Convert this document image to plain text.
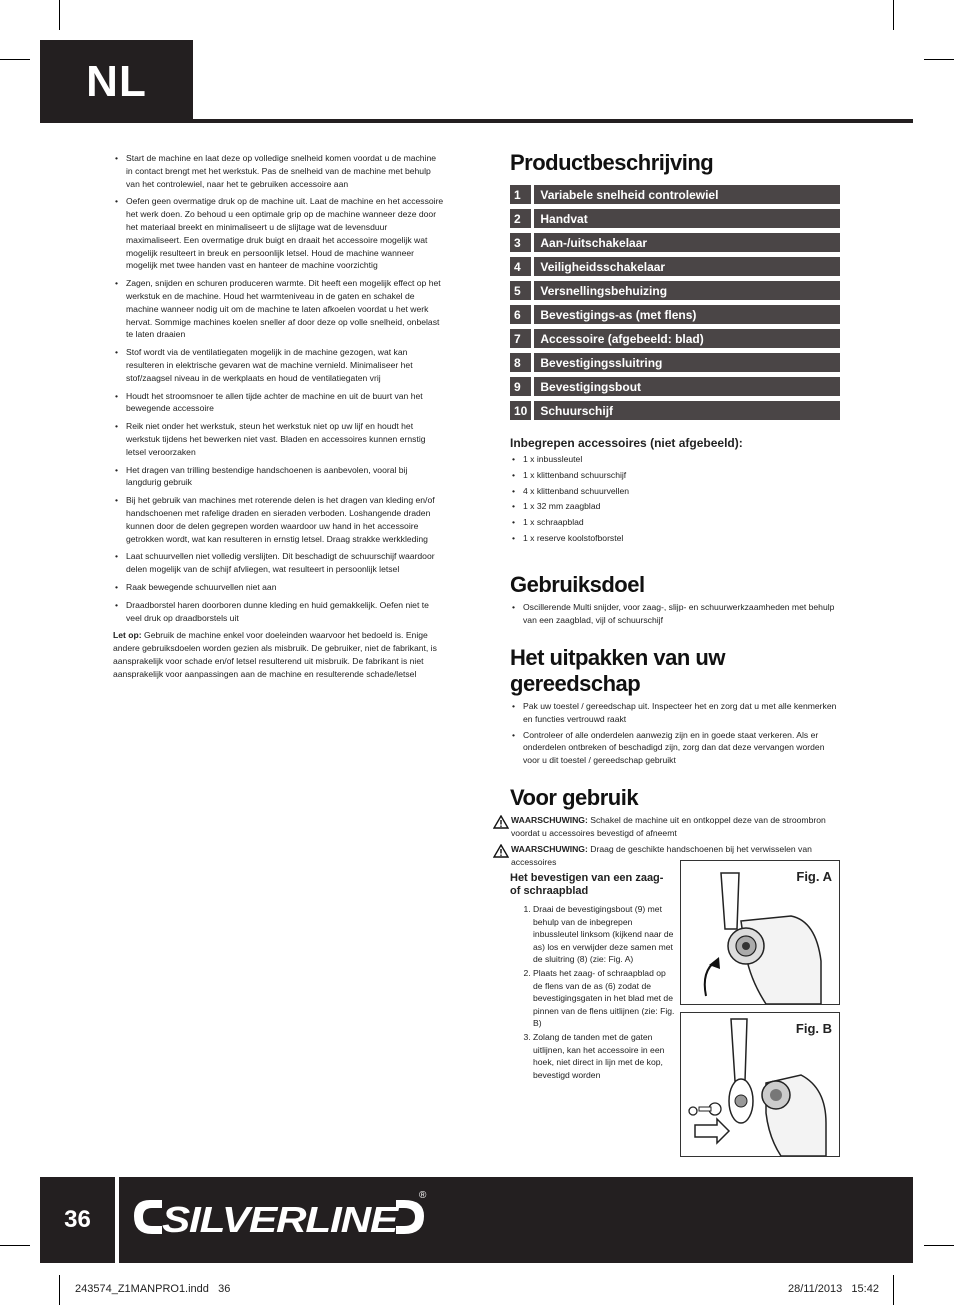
NL
• Start de machine en laat deze op volledige snelheid komen voordat u de machine in contact brengt met het werkstuk. Pas de snelheid van de machine met behulp van het controlewiel, naar het te gebruiken accessoire aan
• Oefen geen overmatige druk op de machine uit. Laat de machine en het accessoire het werk doen. Zo behoud u een optimale grip op de machine wanneer deze door het materiaal breekt en minimaliseert u de slijtage wat de levensduur maximaliseert. Een overmatige druk buigt en draait het accessoire mogelijk wat mogelijk resulteert in breuk en persoonlijk letsel. Houd de machine wanneer mogelijk met twee handen vast en hanteer de machine voorzichtig
• Zagen, snijden en schuren produceren warmte. Dit heeft een mogelijk effect op het werkstuk en de machine. Houd het warmteniveau in de gaten en schakel de machine wanneer nodig uit om de machine te laten afkoelen voordat u het werk hervat. Sommige machines koelen sneller af door deze op volle snelheid, onbelast te laten draaien
• Stof wordt via de ventilatiegaten mogelijk in de machine gezogen, wat kan resulteren in elektrische gevaren wat de machine vernield. Minimaliseer het stof/zaagsel niveau in de werkplaats en houd de ventilatiegaten vrij
• Houdt het stroomsnoer te allen tijde achter de machine en uit de buurt van het bewegende accessoire
• Reik niet onder het werkstuk, steun het werkstuk niet op uw lijf en houdt het werkstuk tijdens het bewerken niet vast. Bladen en accessoires kunnen ernstig letsel veroorzaken
• Het dragen van trilling bestendige handschoenen is aanbevolen, vooral bij langdurig gebruik
• Bij het gebruik van machines met roterende delen is het dragen van kleding en/of handschoenen met rafelige draden en sieraden verboden. Loshangende draden kunnen door de delen gegrepen worden waardoor uw hand in het accessoire getrokken wordt, wat kan resulteren in ernstig letsel. Draag strakke werkkleding
• Laat schuurvellen niet volledig verslijten. Dit beschadigt de schuurschijf waardoor delen mogelijk van de schijf afvliegen, wat resulteert in persoonlijk letsel
• Raak bewegende schuurvellen niet aan
• Draadborstel haren doorboren dunne kleding en huid gemakkelijk. Oefen niet te veel druk op draadborstels uit
Let op: Gebruik de machine enkel voor doeleinden waarvoor het bedoeld is. Enige andere gebruiksdoelen worden gezien als misbruik. De gebruiker, niet de fabrikant, is aansprakelijk voor schade en/of letsel resulterend uit misbruik. De fabrikant is niet aansprakelijk voor aanpassingen aan de machine en resulterende schade/letsel
Productbeschrijving
1		Variabele snelheid controlewiel
2		Handvat
3		Aan-/uitschakelaar
4		Veiligheidsschakelaar
5		Versnellingsbehuizing
6		Bevestigings-as (met flens)
7		Accessoire (afgebeeld: blad)
8		Bevestigingssluitring
9		Bevestigingsbout
10		Schuurschijf
Inbegrepen accessoires (niet afgebeeld):
• 1 x inbussleutel
• 1 x klittenband schuurschijf
• 4 x klittenband schuurvellen
• 1 x 32 mm zaagblad
• 1 x schraapblad
• 1 x reserve koolstofborstel
Gebruiksdoel
• Oscillerende Multi snijder, voor zaag-, slijp- en schuurwerkzaamheden met behulp van een zaagblad, vijl of schuurschijf
Het uitpakken van uw gereedschap
• Pak uw toestel / gereedschap uit. Inspecteer het en zorg dat u met alle kenmerken en functies vertrouwd raakt
• Controleer of alle onderdelen aanwezig zijn en in goede staat verkeren. Als er onderdelen ontbreken of beschadigd zijn, zorg dan dat deze vervangen worden voor u dit toestel / gereedschap gebruikt
Voor gebruik
WAARSCHUWING: Schakel de machine uit en ontkoppel deze van de stroombron voordat u accessoires bevestigd of afneemt
WAARSCHUWING: Draag de geschikte handschoenen bij het verwisselen van accessoires
Het bevestigen van een zaag- of schraapblad
1. Draai de bevestigingsbout (9) met behulp van de inbegrepen inbussleutel linksom (kijkend naar de as) los en verwijder deze samen met de sluitring (8) (zie: Fig. A)
2. Plaats het zaag- of schraapblad op de flens van de as (6) zodat de bevestigingsgaten in het blad met de pinnen van de flens uitlijnen (zie: Fig. B)
3. Zolang de tanden met de gaten uitlijnen, kan het accessoire in een hoek, niet direct in lijn met de kop, bevestigd worden
Fig. A
Fig. B
36	SILVERLINE
®
243574_Z1MANPRO1.indd   36	28/11/2013   15:42
